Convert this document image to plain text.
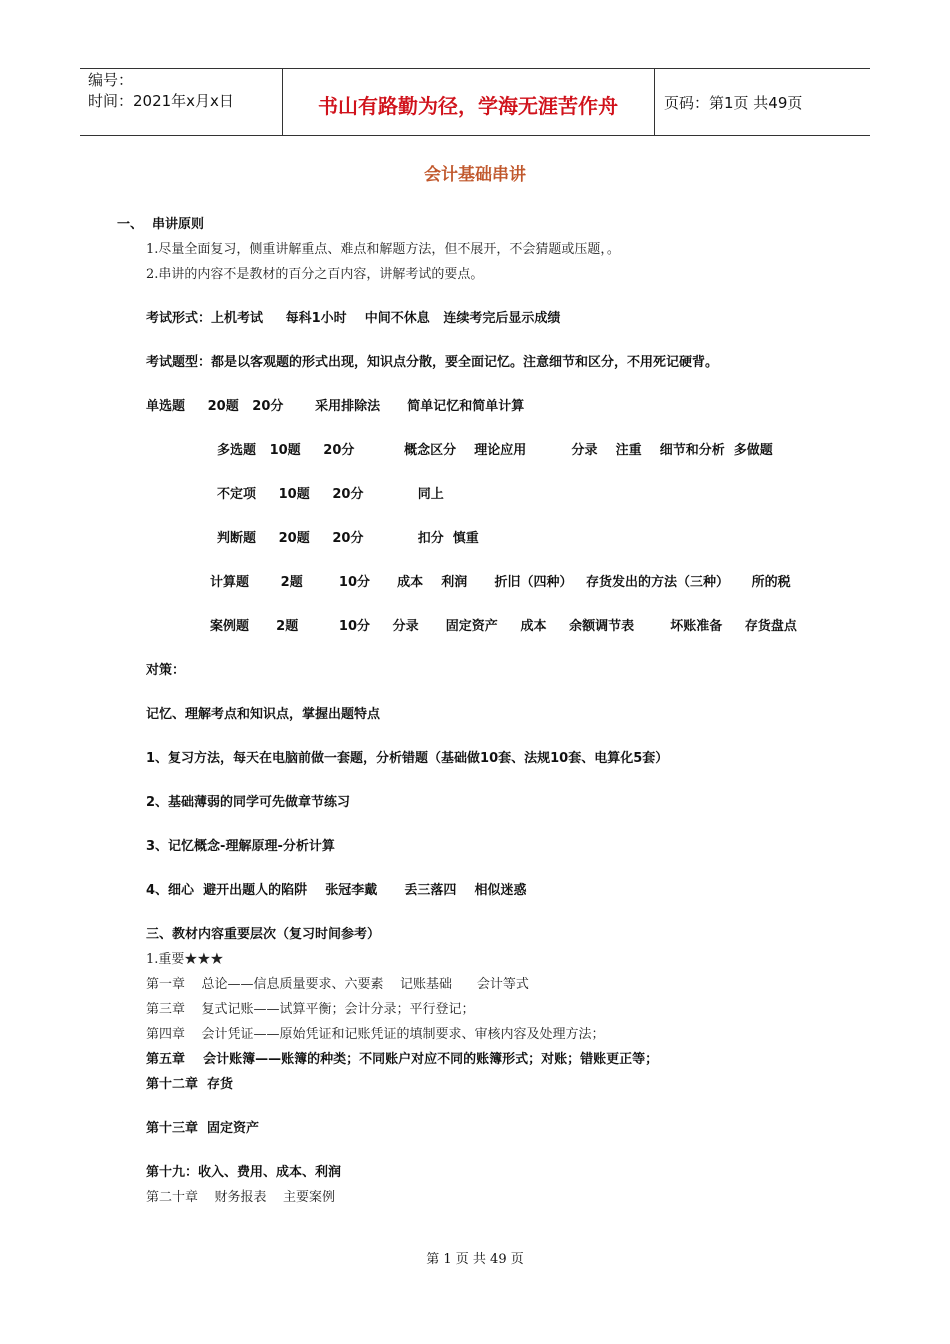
编号：
时间：2021年x月x日	书山有路勤为径，学海无涯苦作舟	页码：第1页 共49页
会计基础串讲
一、  串讲原则
1.尽量全面复习，侧重讲解重点、难点和解题方法，但不展开，不会猜题或压题，。
2.串讲的内容不是教材的百分之百内容，讲解考试的要点。
考试形式：上机考试     每科1小时    中间不休息   连续考完后显示成绩
考试题型：都是以客观题的形式出现，知识点分散，要全面记忆。注意细节和区分，不用死记硬背。
单选题     20题   20分       采用排除法      简单记忆和简单计算
多选题   10题     20分           概念区分    理论应用          分录    注重    细节和分析  多做题
不定项     10题     20分            同上
判断题     20题     20分            扣分  慎重
计算题       2题        10分      成本    利润      折旧（四种）   存货发出的方法（三种）     所的税
案例题      2题         10分     分录      固定资产     成本     余额调节表        坏账准备     存货盘点
对策：
记忆、理解考点和知识点，掌握出题特点
1、复习方法，每天在电脑前做一套题，分析错题（基础做10套、法规10套、电算化5套）
2、基础薄弱的同学可先做章节练习
3、记忆概念-理解原理-分析计算
4、细心  避开出题人的陷阱    张冠李戴      丢三落四    相似迷惑
三、教材内容重要层次（复习时间参考）
1.重要★★★
第一章    总论——信息质量要求、六要素    记账基础      会计等式
第三章    复式记账——试算平衡；会计分录；平行登记；
第四章    会计凭证——原始凭证和记账凭证的填制要求、审核内容及处理方法；
第五章    会计账簿——账簿的种类；不同账户对应不同的账簿形式；对账；错账更正等；
第十二章  存货
第十三章  固定资产
第十九：收入、费用、成本、利润
第二十章    财务报表    主要案例
第 1 页 共 49 页
